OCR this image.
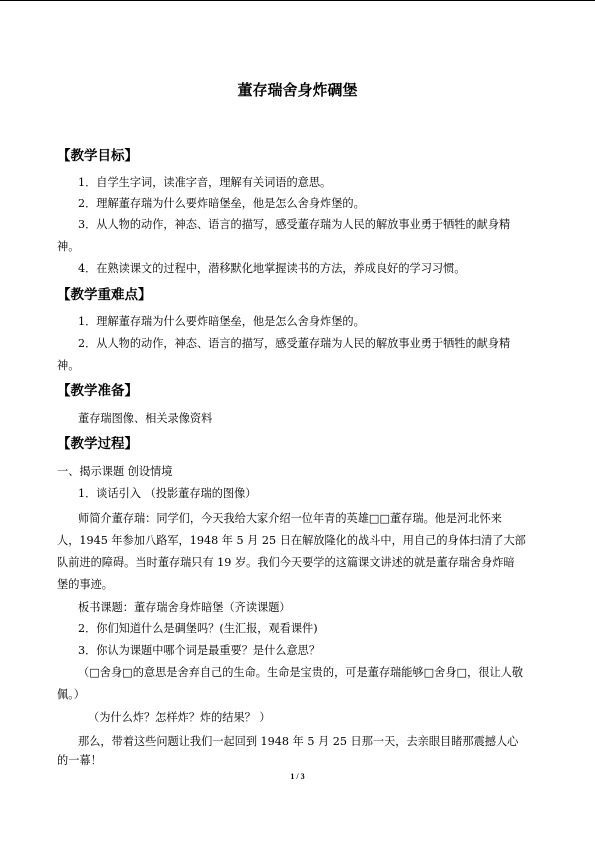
董存瑞舍身炸碉堡
【教学目标】
1．自学生字词，读准字音，理解有关词语的意思。
2．理解董存瑞为什么要炸暗堡垒，他是怎么舍身炸堡的。
3．从人物的动作，神态、语言的描写，感受董存瑞为人民的解放事业勇于牺牲的献身精
神。
4．在熟读课文的过程中，潜移默化地掌握读书的方法，养成良好的学习习惯。
【教学重难点】
1．理解董存瑞为什么要炸暗堡垒，他是怎么舍身炸堡的。
2．从人物的动作，神态、语言的描写，感受董存瑞为人民的解放事业勇于牺牲的献身精
神。
【教学准备】
董存瑞图像、相关录像资料
【教学过程】
一、揭示课题 创设情境
1．谈话引入 （投影董存瑞的图像）
师简介董存瑞：同学们，今天我给大家介绍一位年青的英雄□□董存瑞。他是河北怀来
人，1945 年参加八路军，1948 年 5 月 25 日在解放隆化的战斗中，用自己的身体扫清了大部
队前进的障碍。当时董存瑞只有 19 岁。我们今天要学的这篇课文讲述的就是董存瑞舍身炸暗
堡的事迹。
板书课题：董存瑞舍身炸暗堡（齐读课题）
2．你们知道什么是碉堡吗？(生汇报，观看课件)
3．你认为课题中哪个词是最重要？是什么意思？
（□舍身□的意思是舍弃自己的生命。生命是宝贵的，可是董存瑞能够□舍身□，很让人敬
佩。）
（为什么炸？怎样炸？炸的结果？ ）
那么，带着这些问题让我们一起回到 1948 年 5 月 25 日那一天，去亲眼目睹那震撼人心
的一幕！
1 / 3
